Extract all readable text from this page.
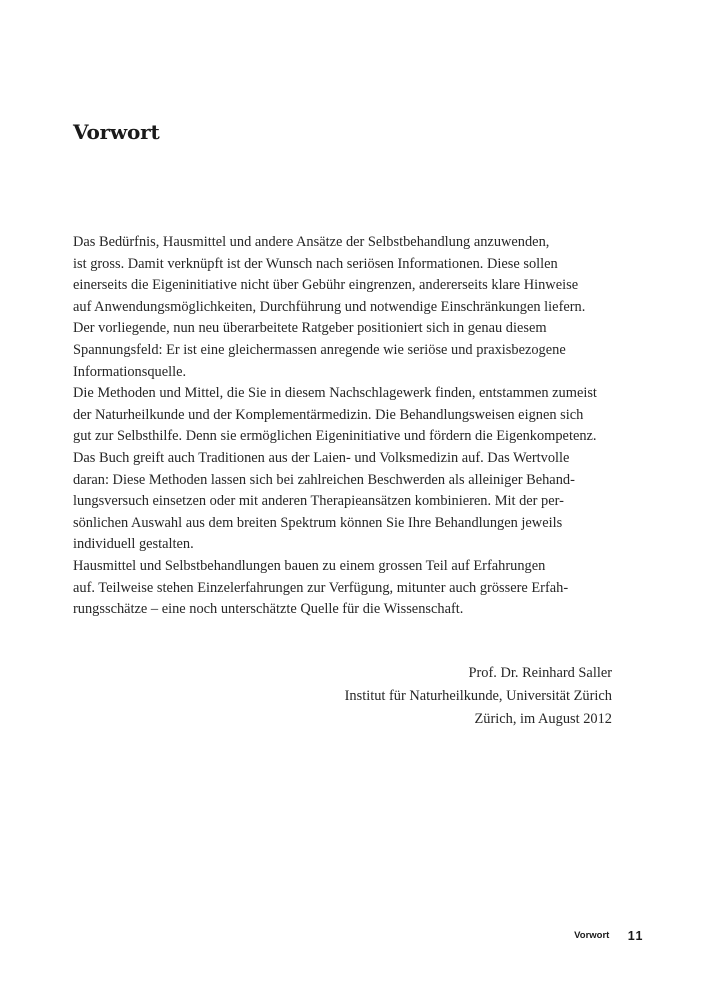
Vorwort
Das Bedürfnis, Hausmittel und andere Ansätze der Selbstbehandlung anzuwenden,
ist gross. Damit verknüpft ist der Wunsch nach seriösen Informationen. Diese sollen
einerseits die Eigeninitiative nicht über Gebühr eingrenzen, andererseits klare Hinweise
auf Anwendungsmöglichkeiten, Durchführung und notwendige Einschränkungen liefern.
Der vorliegende, nun neu überarbeitete Ratgeber positioniert sich in genau diesem
Spannungsfeld: Er ist eine gleichermassen anregende wie seriöse und praxisbezogene
Informationsquelle.
Die Methoden und Mittel, die Sie in diesem Nachschlagewerk finden, entstammen zumeist
der Naturheilkunde und der Komplementärmedizin. Die Behandlungsweisen eignen sich
gut zur Selbsthilfe. Denn sie ermöglichen Eigeninitiative und fördern die Eigenkompetenz.
Das Buch greift auch Traditionen aus der Laien- und Volksmedizin auf. Das Wertvolle
daran: Diese Methoden lassen sich bei zahlreichen Beschwerden als alleiniger Behand-
lungsversuch einsetzen oder mit anderen Therapieansätzen kombinieren. Mit der per-
sönlichen Auswahl aus dem breiten Spektrum können Sie Ihre Behandlungen jeweils
individuell gestalten.
Hausmittel und Selbstbehandlungen bauen zu einem grossen Teil auf Erfahrungen
auf. Teilweise stehen Einzelerfahrungen zur Verfügung, mitunter auch grössere Erfah-
rungsschätze – eine noch unterschätzte Quelle für die Wissenschaft.
Prof. Dr. Reinhard Saller
Institut für Naturheilkunde, Universität Zürich
Zürich, im August 2012
Vorwort 11
